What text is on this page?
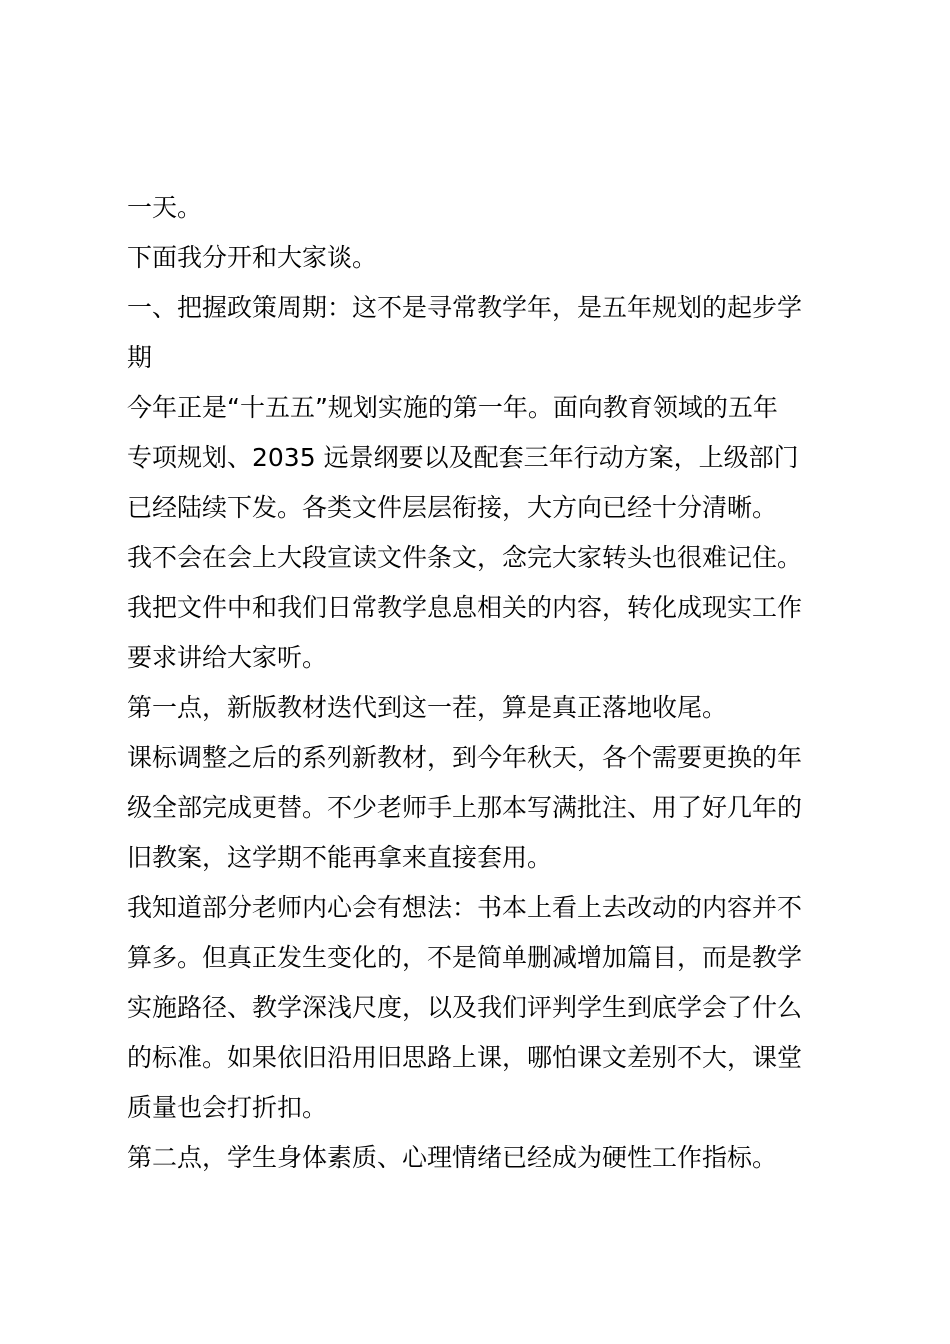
一天。
下面我分开和大家谈。
一、把握政策周期：这不是寻常教学年，是五年规划的起步学
期
今年正是“十五五”规划实施的第一年。面向教育领域的五年
专项规划、2035 远景纲要以及配套三年行动方案，上级部门
已经陆续下发。各类文件层层衔接，大方向已经十分清晰。
我不会在会上大段宣读文件条文，念完大家转头也很难记住。
我把文件中和我们日常教学息息相关的内容，转化成现实工作
要求讲给大家听。
第一点，新版教材迭代到这一茬，算是真正落地收尾。
课标调整之后的系列新教材，到今年秋天，各个需要更换的年
级全部完成更替。不少老师手上那本写满批注、用了好几年的
旧教案，这学期不能再拿来直接套用。
我知道部分老师内心会有想法：书本上看上去改动的内容并不
算多。但真正发生变化的，不是简单删减增加篇目，而是教学
实施路径、教学深浅尺度，以及我们评判学生到底学会了什么
的标准。如果依旧沿用旧思路上课，哪怕课文差别不大，课堂
质量也会打折扣。
第二点，学生身体素质、心理情绪已经成为硬性工作指标。
